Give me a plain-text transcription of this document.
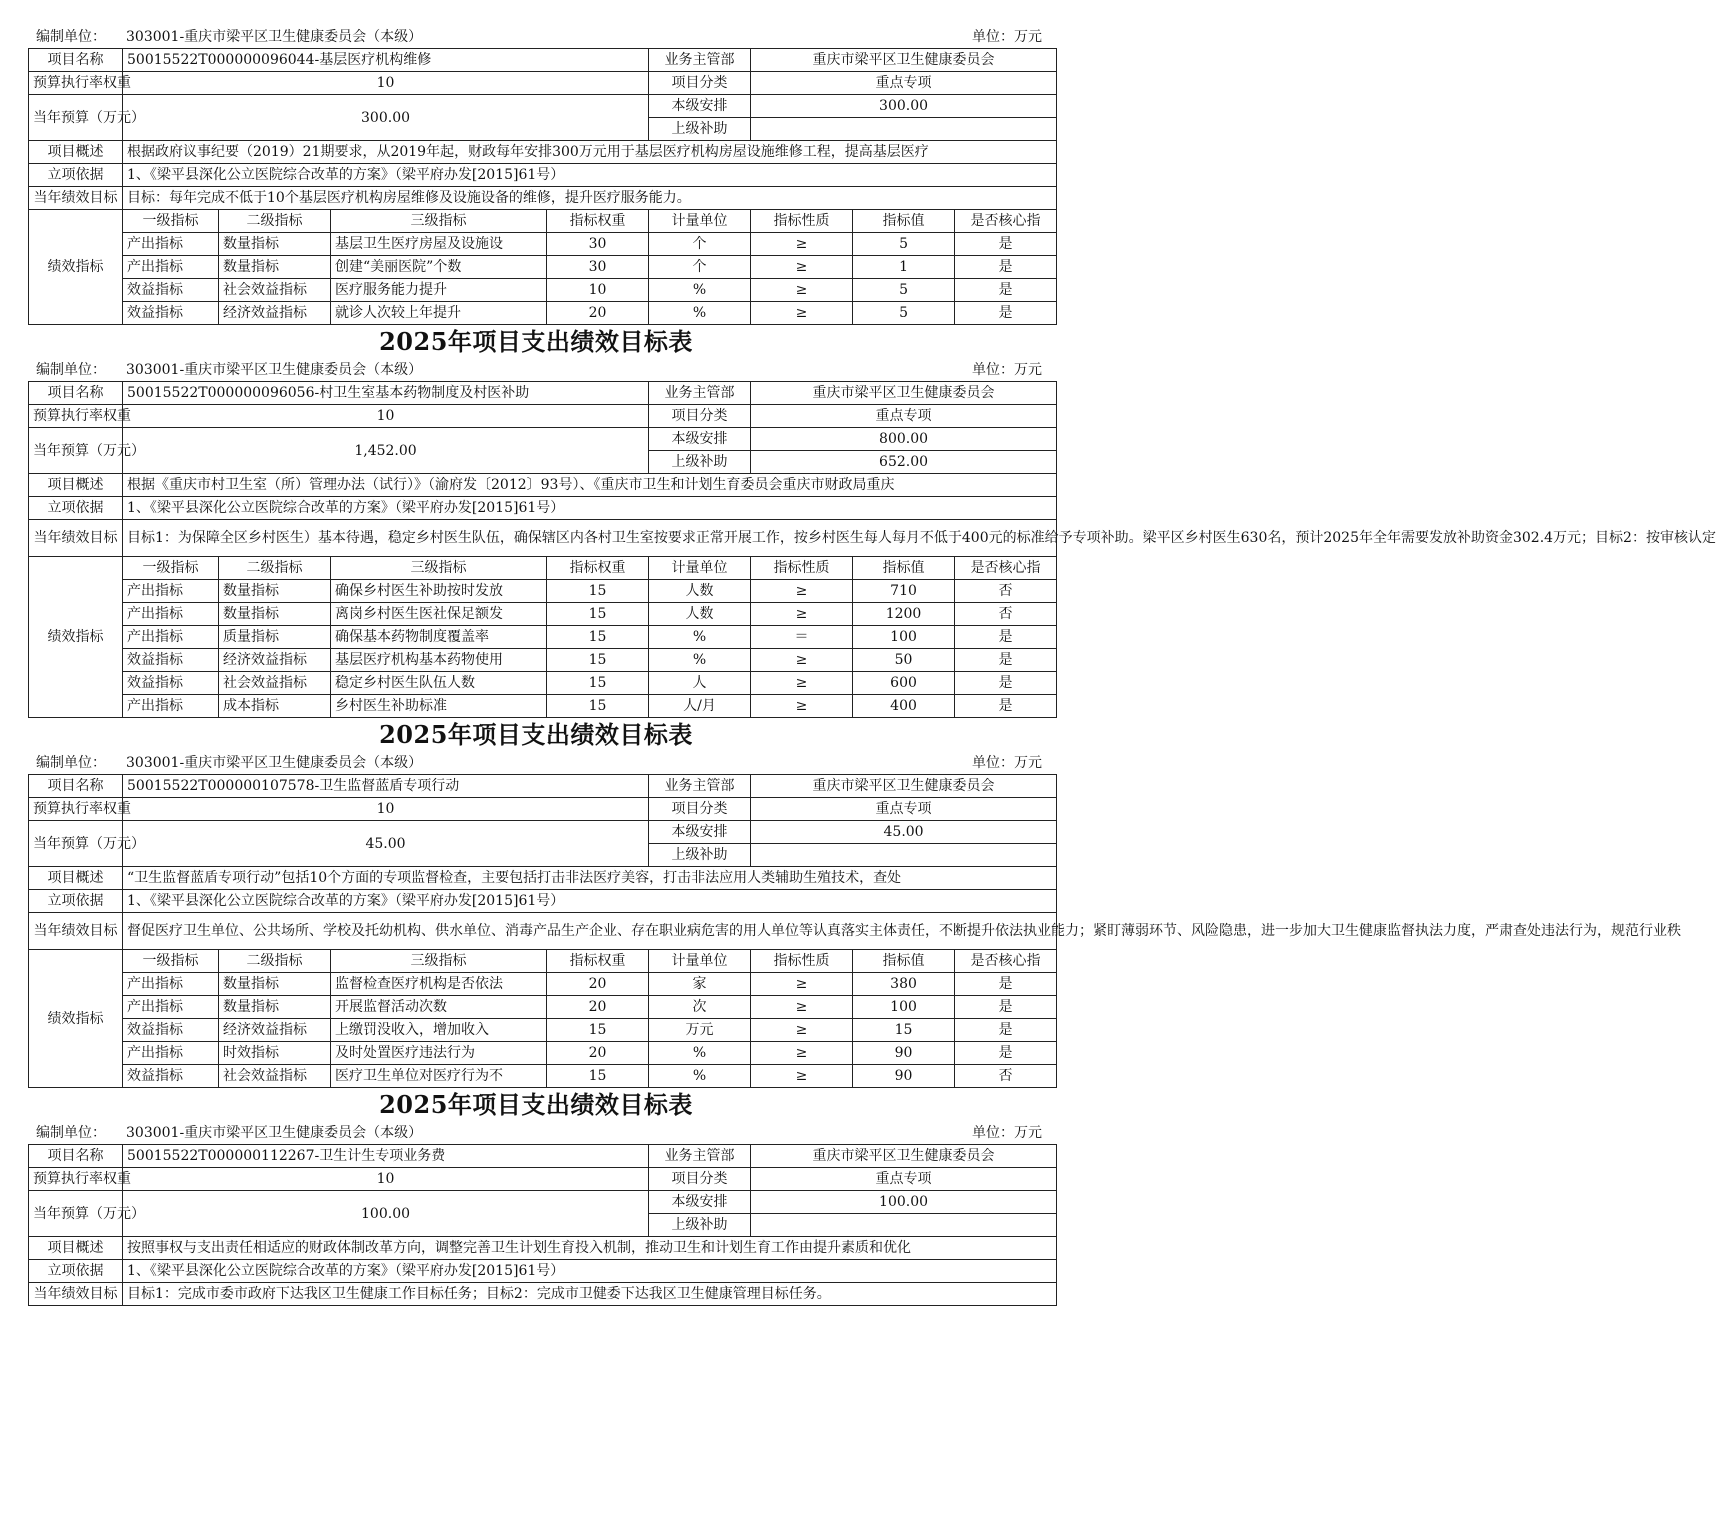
编制单位： 303001-重庆市梁平区卫生健康委员会（本级）	单位：万元
项目名称	50015522T000000096044-基层医疗机构维修				业务主管部	重庆市梁平区卫生健康委员会		
预算执行率权重	10				项目分类	重点专项		
当年预算（万元）	300.00				本级安排	300.00		
					上级补助			
项目概述	根据政府议事纪要（2019）21期要求，从2019年起，财政每年安排300万元用于基层医疗机构房屋设施维修工程，提高基层医疗							
立项依据	1、《梁平县深化公立医院综合改革的方案》（梁平府办发[2015]61号）							
当年绩效目标	目标：每年完成不低于10个基层医疗机构房屋维修及设施设备的维修，提升医疗服务能力。							
绩效指标	一级指标	二级指标	三级指标	指标权重	计量单位	指标性质	指标值	是否核心指
	产出指标	数量指标	基层卫生医疗房屋及设施设	30	个	≥	5	是
	产出指标	数量指标	创建“美丽医院”个数	30	个	≥	1	是
	效益指标	社会效益指标	医疗服务能力提升	10	%	≥	5	是
	效益指标	经济效益指标	就诊人次较上年提升	20	%	≥	5	是
2025年项目支出绩效目标表
编制单位： 303001-重庆市梁平区卫生健康委员会（本级）	单位：万元
项目名称	50015522T000000096056-村卫生室基本药物制度及村医补助				业务主管部	重庆市梁平区卫生健康委员会		
预算执行率权重	10				项目分类	重点专项		
当年预算（万元）	1,452.00				本级安排	800.00		
					上级补助	652.00		
项目概述	根据《重庆市村卫生室（所）管理办法（试行）》（渝府发〔2012〕93号）、《重庆市卫生和计划生育委员会重庆市财政局重庆							
立项依据	1、《梁平县深化公立医院综合改革的方案》（梁平府办发[2015]61号）							
当年绩效目标	目标1：为保障全区乡村医生）基本待遇，稳定乡村医生队伍，确保辖区内各村卫生室按要求正常开展工作，按乡村医生每人每月不低于400元的标准给予专项补助。梁平区乡村医生630名，预计2025年全年需要发放补助资金302.4万元；目标2：按审核认定							
绩效指标	一级指标	二级指标	三级指标	指标权重	计量单位	指标性质	指标值	是否核心指
	产出指标	数量指标	确保乡村医生补助按时发放	15	人数	≥	710	否
	产出指标	数量指标	离岗乡村医生医社保足额发	15	人数	≥	1200	否
	产出指标	质量指标	确保基本药物制度覆盖率	15	%	＝	100	是
	效益指标	经济效益指标	基层医疗机构基本药物使用	15	%	≥	50	是
	效益指标	社会效益指标	稳定乡村医生队伍人数	15	人	≥	600	是
	产出指标	成本指标	乡村医生补助标准	15	人/月	≥	400	是
2025年项目支出绩效目标表
编制单位： 303001-重庆市梁平区卫生健康委员会（本级）	单位：万元
项目名称	50015522T000000107578-卫生监督蓝盾专项行动				业务主管部	重庆市梁平区卫生健康委员会		
预算执行率权重	10				项目分类	重点专项		
当年预算（万元）	45.00				本级安排	45.00		
					上级补助			
项目概述	“卫生监督蓝盾专项行动”包括10个方面的专项监督检查，主要包括打击非法医疗美容，打击非法应用人类辅助生殖技术，查处							
立项依据	1、《梁平县深化公立医院综合改革的方案》（梁平府办发[2015]61号）							
当年绩效目标	督促医疗卫生单位、公共场所、学校及托幼机构、供水单位、消毒产品生产企业、存在职业病危害的用人单位等认真落实主体责任，不断提升依法执业能力；紧盯薄弱环节、风险隐患，进一步加大卫生健康监督执法力度，严肃查处违法行为，规范行业秩							
绩效指标	一级指标	二级指标	三级指标	指标权重	计量单位	指标性质	指标值	是否核心指
	产出指标	数量指标	监督检查医疗机构是否依法	20	家	≥	380	是
	产出指标	数量指标	开展监督活动次数	20	次	≥	100	是
	效益指标	经济效益指标	上缴罚没收入，增加收入	15	万元	≥	15	是
	产出指标	时效指标	及时处置医疗违法行为	20	%	≥	90	是
	效益指标	社会效益指标	医疗卫生单位对医疗行为不	15	%	≥	90	否
2025年项目支出绩效目标表
编制单位： 303001-重庆市梁平区卫生健康委员会（本级）	单位：万元
项目名称	50015522T000000112267-卫生计生专项业务费	业务主管部	重庆市梁平区卫生健康委员会
预算执行率权重	10	项目分类	重点专项
当年预算（万元）	100.00	本级安排	100.00
		上级补助	
项目概述	按照事权与支出责任相适应的财政体制改革方向，调整完善卫生计划生育投入机制，推动卫生和计划生育工作由提升素质和优化		
立项依据	1、《梁平县深化公立医院综合改革的方案》（梁平府办发[2015]61号）		
当年绩效目标	目标1：完成市委市政府下达我区卫生健康工作目标任务；目标2：完成市卫健委下达我区卫生健康管理目标任务。		
